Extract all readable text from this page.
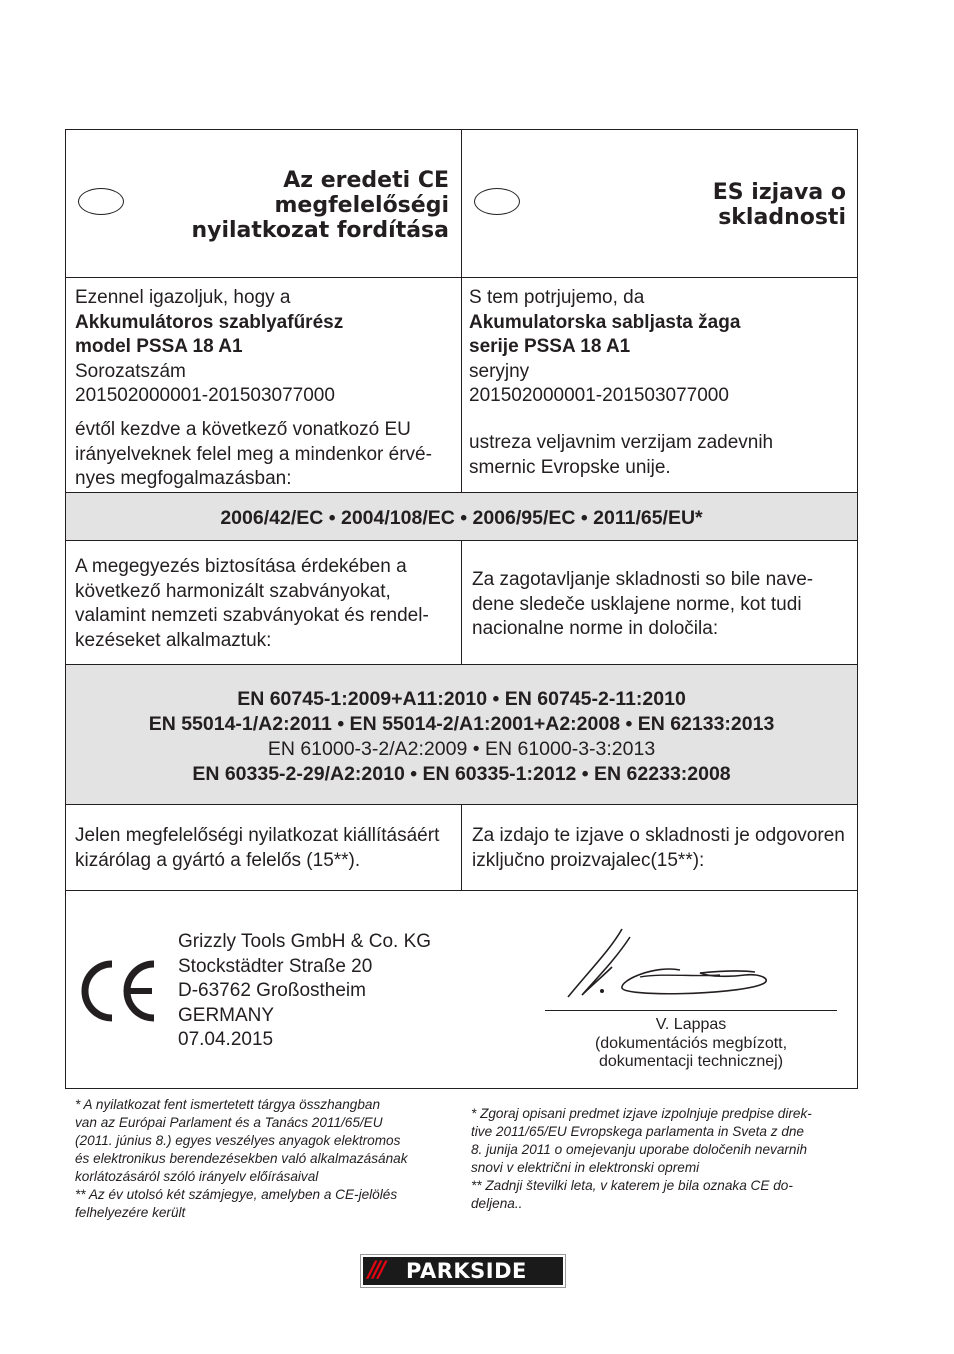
Az eredeti CE
megfelelőségi
nyilatkozat fordítása
ES izjava o
skladnosti
Ezennel igazoljuk, hogy a
Akkumulátoros szablyafűrész
model PSSA 18 A1
Sorozatszám
201502000001-201503077000
évtől kezdve a következő vonatkozó EU
irányelveknek felel meg a mindenkor érvé-
nyes megfogalmazásban:
S tem potrjujemo, da
Akumulatorska sabljasta žaga
serije PSSA 18 A1
seryjny
201502000001-201503077000
ustreza veljavnim verzijam zadevnih
smernic Evropske unije.
2006/42/EC • 2004/108/EC • 2006/95/EC • 2011/65/EU*
A megegyezés biztosítása érdekében a
következő harmonizált szabványokat,
valamint nemzeti szabványokat és rendel-
kezéseket alkalmaztuk:
Za zagotavljanje skladnosti so bile nave-
dene sledeče usklajene norme, kot tudi
nacionalne norme in določila:
EN 60745-1:2009+A11:2010 • EN 60745-2-11:2010
EN 55014-1/A2:2011 • EN 55014-2/A1:2001+A2:2008 • EN 62133:2013
EN 61000-3-2/A2:2009 • EN 61000-3-3:2013
EN 60335-2-29/A2:2010 • EN 60335-1:2012 • EN 62233:2008
Jelen megfelelőségi nyilatkozat kiállításáért
kizárólag a gyártó a felelős (15**).
Za izdajo te izjave o skladnosti je odgovoren
izključno proizvajalec(15**):
Grizzly Tools GmbH & Co. KG
Stockstädter Straße 20
D-63762 Großostheim
GERMANY
07.04.2015
V. Lappas
(dokumentációs megbízott,
dokumentacji technicznej)
* A nyilatkozat fent ismertetett tárgya összhangban
van az Európai Parlament és a Tanács 2011/65/EU
(2011. június 8.) egyes veszélyes anyagok elektromos
és elektronikus berendezésekben való alkalmazásának
korlátozásáról szóló irányelv előírásaival
** Az év utolsó két számjegye, amelyben a CE-jelölés
felhelyezére került
* Zgoraj opisani predmet izjave izpolnjuje predpise direk-
tive 2011/65/EU Evropskega parlamenta in Sveta z dne
8. junija 2011 o omejevanju uporabe določenih nevarnih
snovi v električni in elektronski opremi
** Zadnji številki leta, v katerem je bila oznaka CE do-
deljena..
/// PARKSIDE
